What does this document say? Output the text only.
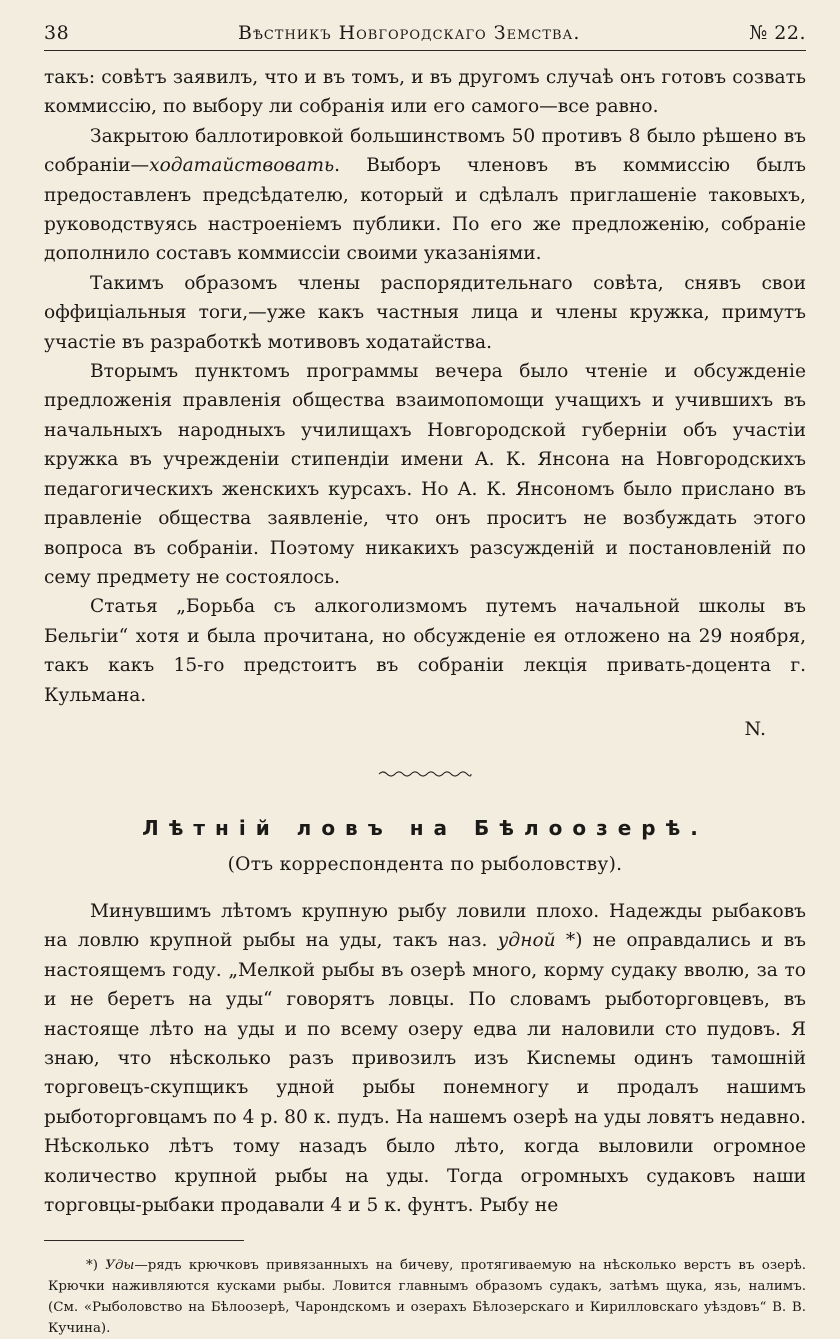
38	Вѣстникъ Новгородскаго Земства.	№ 22.

такъ: совѣтъ заявилъ, что и въ томъ, и въ другомъ случаѣ онъ готовъ созвать коммиссію, по выбору ли собранія или его самого—все равно.

Закрытою баллотировкой большинствомъ 50 противъ 8 было рѣшено въ собраніи—ходатайствовать. Выборъ членовъ въ коммиссію былъ предоставленъ предсѣдателю, который и сдѣлалъ приглашеніе таковыхъ, руководствуясь настроеніемъ публики. По его же предложенію, собраніе дополнило составъ коммиссіи своими указаніями.

Такимъ образомъ члены распорядительнаго совѣта, снявъ свои оффиціальныя тоги,—уже какъ частныя лица и члены кружка, примутъ участіе въ разработкѣ мотивовъ ходатайства.

Вторымъ пунктомъ программы вечера было чтеніе и обсужденіе предложенія правленія общества взаимопомощи учащихъ и учившихъ въ начальныхъ народныхъ училищахъ Новгородской губерніи объ участіи кружка въ учрежденіи стипендіи имени А. К. Янсона на Новгородскихъ педагогическихъ женскихъ курсахъ. Но А. К. Янсономъ было прислано въ правленіе общества заявленіе, что онъ проситъ не возбуждать этого вопроса въ собраніи. Поэтому никакихъ разсужденій и постановленій по сему предмету не состоялось.

Статья „Борьба съ алкоголизмомъ путемъ начальной школы въ Бельгіи“ хотя и была прочитана, но обсужденіе ея отложено на 29 ноября, такъ какъ 15-го предстоитъ въ собраніи лекція привать-доцента г. Кульмана.

N.
Лѣтній ловъ на Бѣлоозерѣ.
(Отъ корреспондента по рыболовству).

Минувшимъ лѣтомъ крупную рыбу ловили плохо. Надежды рыбаковъ на ловлю крупной рыбы на уды, такъ наз. удной *) не оправдались и въ настоящемъ году. „Мелкой рыбы въ озерѣ много, корму судаку вволю, за то и не беретъ на уды“ говорятъ ловцы. По словамъ рыботорговцевъ, въ настояще лѣто на уды и по всему озеру едва ли наловили сто пудовъ. Я знаю, что нѣсколько разъ привозилъ изъ Кисnемы одинъ тамошній торговецъ-скупщикъ удной рыбы понемногу и продалъ нашимъ рыботорговцамъ по 4 р. 80 к. пудъ. На нашемъ озерѣ на уды ловятъ недавно. Нѣсколько лѣтъ тому назадъ было лѣто, когда выловили огромное количество крупной рыбы на уды. Тогда огромныхъ судаковъ наши торговцы-рыбаки продавали 4 и 5 к. фунтъ. Рыбу не

*) Уды—рядъ крючковъ привязанныхъ на бичеву, протягиваемую на нѣсколько верстъ въ озерѣ. Крючки наживляются кусками рыбы. Ловится главнымъ образомъ судакъ, затѣмъ щука, язь, налимъ. (См. «Рыболовство на Бѣлоозерѣ, Чарондскомъ и озерахъ Бѣлозерскаго и Кирилловскаго уѣздовъ“ В. В. Кучина).
